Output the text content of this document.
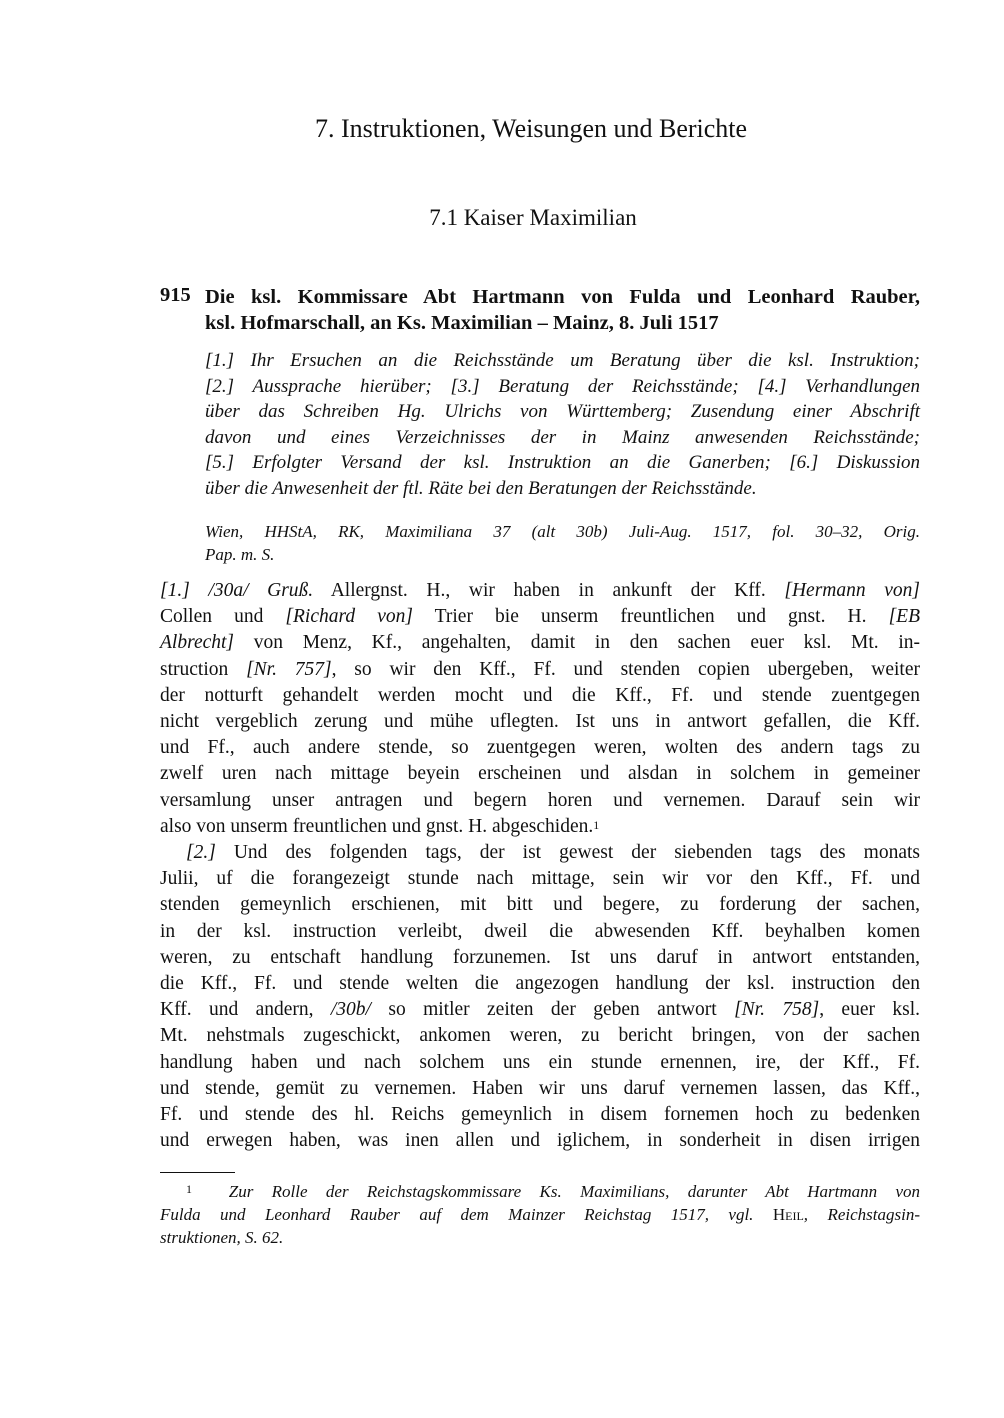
7. Instruktionen, Weisungen und Berichte
7.1 Kaiser Maximilian
915 Die ksl. Kommissare Abt Hartmann von Fulda und Leonhard Rauber,
ksl. Hofmarschall, an Ks. Maximilian – Mainz, 8. Juli 1517
[1.] Ihr Ersuchen an die Reichsstände um Beratung über die ksl. Instruktion;
[2.] Aussprache hierüber; [3.] Beratung der Reichsstände; [4.] Verhandlungen
über das Schreiben Hg. Ulrichs von Württemberg; Zusendung einer Abschrift
davon und eines Verzeichnisses der in Mainz anwesenden Reichsstände;
[5.] Erfolgter Versand der ksl. Instruktion an die Ganerben; [6.] Diskussion
über die Anwesenheit der ftl. Räte bei den Beratungen der Reichsstände.
Wien, HHStA, RK, Maximiliana 37 (alt 30b) Juli-Aug. 1517, fol. 30–32, Orig.
Pap. m. S.
[1.] /30a/ Gruß. Allergnst. H., wir haben in ankunft der Kff. [Hermann von]
Collen und [Richard von] Trier bie unserm freuntlichen und gnst. H. [EB
Albrecht] von Menz, Kf., angehalten, damit in den sachen euer ksl. Mt. in-
struction [Nr. 757], so wir den Kff., Ff. und stenden copien ubergeben, weiter
der notturft gehandelt werden mocht und die Kff., Ff. und stende zuentgegen
nicht vergeblich zerung und mühe uflegten. Ist uns in antwort gefallen, die Kff.
und Ff., auch andere stende, so zuentgegen weren, wolten des andern tags zu
zwelf uren nach mittage beyein erscheinen und alsdan in solchem in gemeiner
versamlung unser antragen und begern horen und vernemen. Darauf sein wir
also von unserm freuntlichen und gnst. H. abgeschiden.$^1$
[2.] Und des folgenden tags, der ist gewest der siebenden tags des monats
Julii, uf die forangezeigt stunde nach mittage, sein wir vor den Kff., Ff. und
stenden gemeynlich erschienen, mit bitt und begere, zu forderung der sachen,
in der ksl. instruction verleibt, dweil die abwesenden Kff. beyhalben komen
weren, zu entschaft handlung forzunemen. Ist uns daruf in antwort entstanden,
die Kff., Ff. und stende welten die angezogen handlung der ksl. instruction den
Kff. und andern, /30b/ so mitler zeiten der geben antwort [Nr. 758], euer ksl.
Mt. nehstmals zugeschickt, ankomen weren, zu bericht bringen, von der sachen
handlung haben und nach solchem uns ein stunde ernennen, ire, der Kff., Ff.
und stende, gemüt zu vernemen. Haben wir uns daruf vernemen lassen, das Kff.,
Ff. und stende des hl. Reichs gemeynlich in disem fornemen hoch zu bedenken
und erwegen haben, was inen allen und iglichem, in sonderheit in disen irrigen
$^1$ Zur Rolle der Reichstagskommissare Ks. Maximilians, darunter Abt Hartmann von
Fulda und Leonhard Rauber auf dem Mainzer Reichstag 1517, vgl. Heil, Reichstagsin-
struktionen, S. 62.
